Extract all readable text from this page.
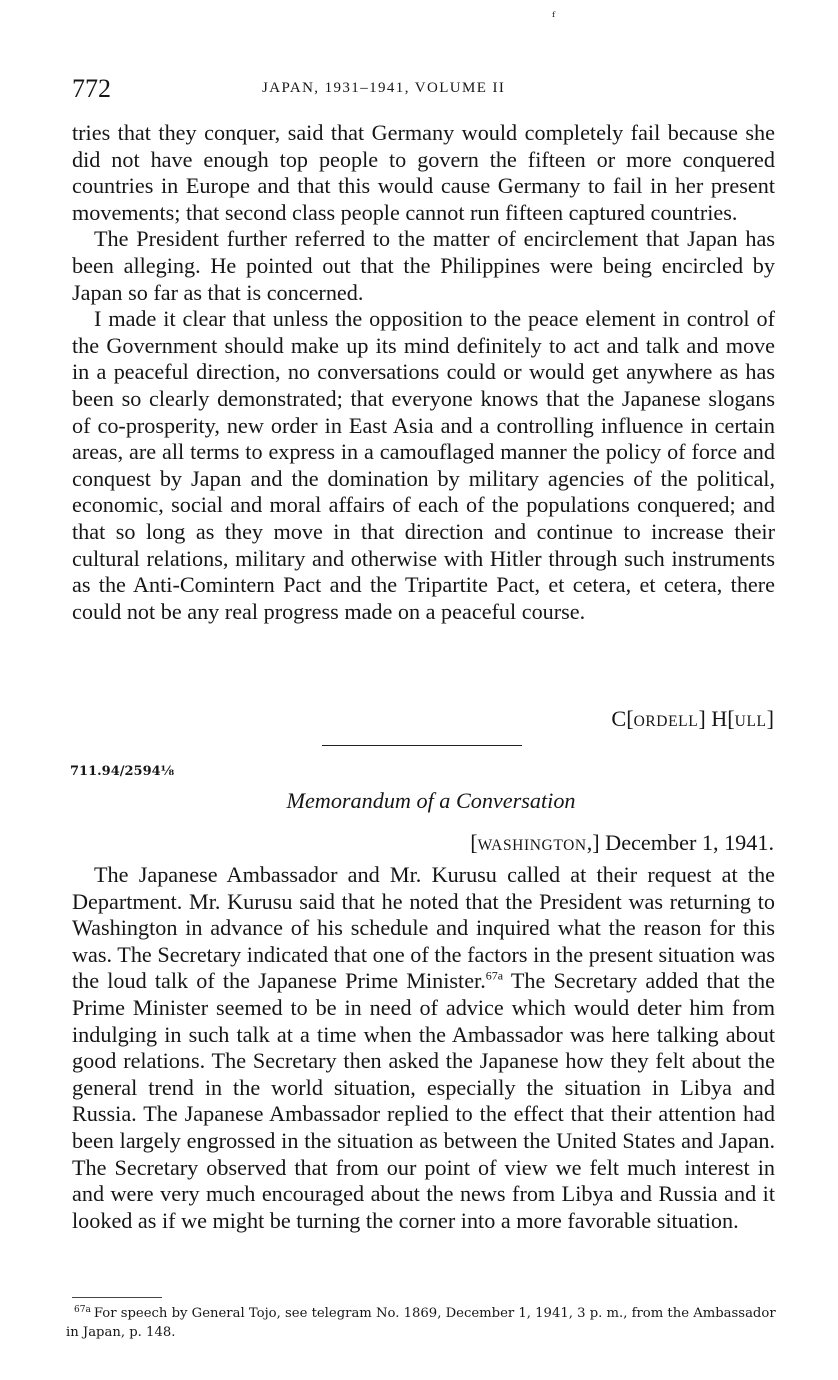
ᶠ
772	JAPAN, 1931–1941, VOLUME II

tries that they conquer, said that Germany would completely fail because she did not have enough top people to govern the fifteen or more conquered countries in Europe and that this would cause Germany to fail in her present movements; that second class people cannot run fifteen captured countries.

The President further referred to the matter of encirclement that Japan has been alleging. He pointed out that the Philippines were being encircled by Japan so far as that is concerned.

I made it clear that unless the opposition to the peace element in control of the Government should make up its mind definitely to act and talk and move in a peaceful direction, no conversations could or would get anywhere as has been so clearly demonstrated; that everyone knows that the Japanese slogans of co-prosperity, new order in East Asia and a controlling influence in certain areas, are all terms to express in a camouflaged manner the policy of force and conquest by Japan and the domination by military agencies of the political, economic, social and moral affairs of each of the populations conquered; and that so long as they move in that direction and continue to increase their cultural relations, military and otherwise with Hitler through such instruments as the Anti-Comintern Pact and the Tripartite Pact, et cetera, et cetera, there could not be any real progress made on a peaceful course.

C[ORDELL] H[ULL]
711.94/2594⅛
Memorandum of a Conversation
[WASHINGTON,] December 1, 1941.

The Japanese Ambassador and Mr. Kurusu called at their request at the Department. Mr. Kurusu said that he noted that the President was returning to Washington in advance of his schedule and inquired what the reason for this was. The Secretary indicated that one of the factors in the present situation was the loud talk of the Japanese Prime Minister.$^{67a}$ The Secretary added that the Prime Minister seemed to be in need of advice which would deter him from indulging in such talk at a time when the Ambassador was here talking about good relations. The Secretary then asked the Japanese how they felt about the general trend in the world situation, especially the situation in Libya and Russia. The Japanese Ambassador replied to the effect that their attention had been largely engrossed in the situation as between the United States and Japan. The Secretary observed that from our point of view we felt much interest in and were very much encouraged about the news from Libya and Russia and it looked as if we might be turning the corner into a more favorable situation.

$^{67a}$ For speech by General Tojo, see telegram No. 1869, December 1, 1941, 3 p. m., from the Ambassador in Japan, p. 148.
